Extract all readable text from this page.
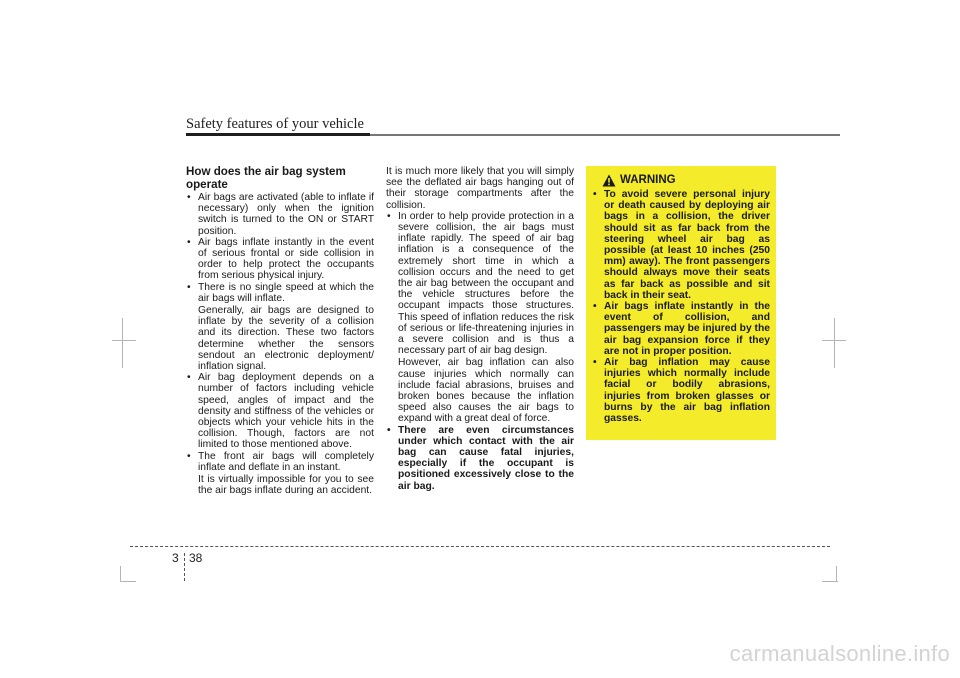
Safety features of your vehicle
How does the air bag system operate
• Air bags are activated (able to inflate if necessary) only when the ignition switch is turned to the ON or START position.
• Air bags inflate instantly in the event of serious frontal or side collision in order to help protect the occupants from serious physical injury.
• There is no single speed at which the air bags will inflate.
Generally, air bags are designed to inflate by the severity of a collision and its direction. These two factors determine whether the sensors sendout an electronic deployment/ inflation signal.
• Air bag deployment depends on a number of factors including vehicle speed, angles of impact and the density and stiffness of the vehicles or objects which your vehicle hits in the collision. Though, factors are not limited to those mentioned above.
• The front air bags will completely inflate and deflate in an instant.
It is virtually impossible for you to see the air bags inflate during an accident.
It is much more likely that you will simply see the deflated air bags hanging out of their storage compartments after the collision.
• In order to help provide protection in a severe collision, the air bags must inflate rapidly. The speed of air bag inflation is a consequence of the extremely short time in which a collision occurs and the need to get the air bag between the occupant and the vehicle structures before the occupant impacts those structures. This speed of inflation reduces the risk of serious or life-threatening injuries in a severe collision and is thus a necessary part of air bag design.
However, air bag inflation can also cause injuries which normally can include facial abrasions, bruises and broken bones because the inflation speed also causes the air bags to expand with a great deal of force.
• There are even circumstances under which contact with the air bag can cause fatal injuries, especially if the occupant is positioned excessively close to the air bag.
WARNING
• To avoid severe personal injury or death caused by deploying air bags in a collision, the driver should sit as far back from the steering wheel air bag as possible (at least 10 inches (250 mm) away). The front passengers should always move their seats as far back as possible and sit back in their seat.
• Air bags inflate instantly in the event of collision, and passengers may be injured by the air bag expansion force if they are not in proper position.
• Air bag inflation may cause injuries which normally include facial or bodily abrasions, injuries from broken glasses or burns by the air bag inflation gasses.
3 38
carmanualsonline.info
